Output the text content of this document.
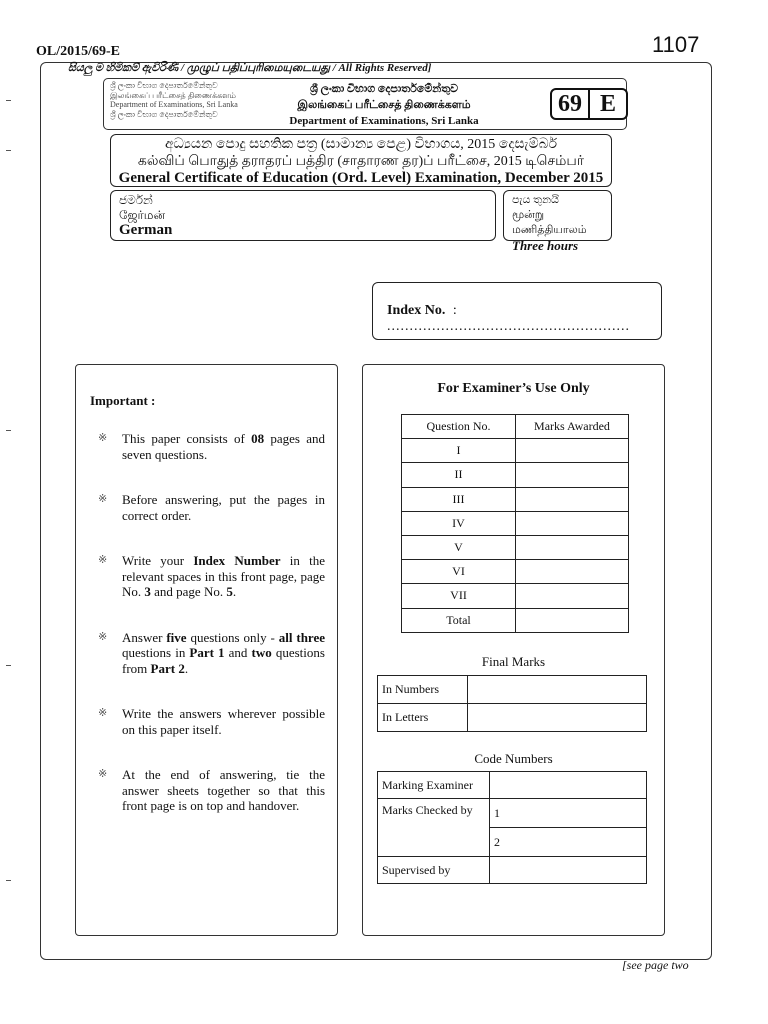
OL/2015/69-E	1107
සියලු ම හිමිකම් ඇවිරිණි / முழுப் பதிப்புரிமையுடையது / All Rights Reserved]
ශ්‍රී ලංකා විභාග දෙපාර්තමේන්තුව
இலங்கைப் பரீட்சைத் திணைக்களம்
Department of Examinations, Sri Lanka
ශ්‍රී ලංකා විභාග දෙපාර්තමේන්තුව
ශ්‍රී ලංකා විභාග දෙපාර්තමේන්තුව
இலங்கைப் பரீட்சைத் திணைக்களம்
Department of Examinations, Sri Lanka
69 E
අධ්‍යයන පොදු සහතික පත්‍ර (සාමාන්‍ය පෙළ) විභාගය, 2015 දෙසැම්බර්
கல்விப் பொதுத் தராதரப் பத்திர (சாதாரண தர)ப் பரீட்சை, 2015 டிசெம்பர்
General Certificate of Education (Ord. Level) Examination, December 2015
ජර්මන්
ஜேர்மன்
German
පැය තුනයි
மூன்று மணித்தியாலம்
Three hours
Index No. : ......................................................
Important :
※ This paper consists of 08 pages and seven questions.
※ Before answering, put the pages in correct order.
※ Write your Index Number in the relevant spaces in this front page, page No. 3 and page No. 5.
※ Answer five questions only - all three questions in Part 1 and two questions from Part 2.
※ Write the answers wherever possible on this paper itself.
※ At the end of answering, tie the answer sheets together so that this front page is on top and handover.
For Examiner’s Use Only
Question No.	Marks Awarded
I	
II	
III	
IV	
V	
VI	
VII	
Total	
Final Marks
In Numbers	
In Letters	
Code Numbers
Marking Examiner	
Marks Checked by	1
	2
Supervised by	
[see page two
